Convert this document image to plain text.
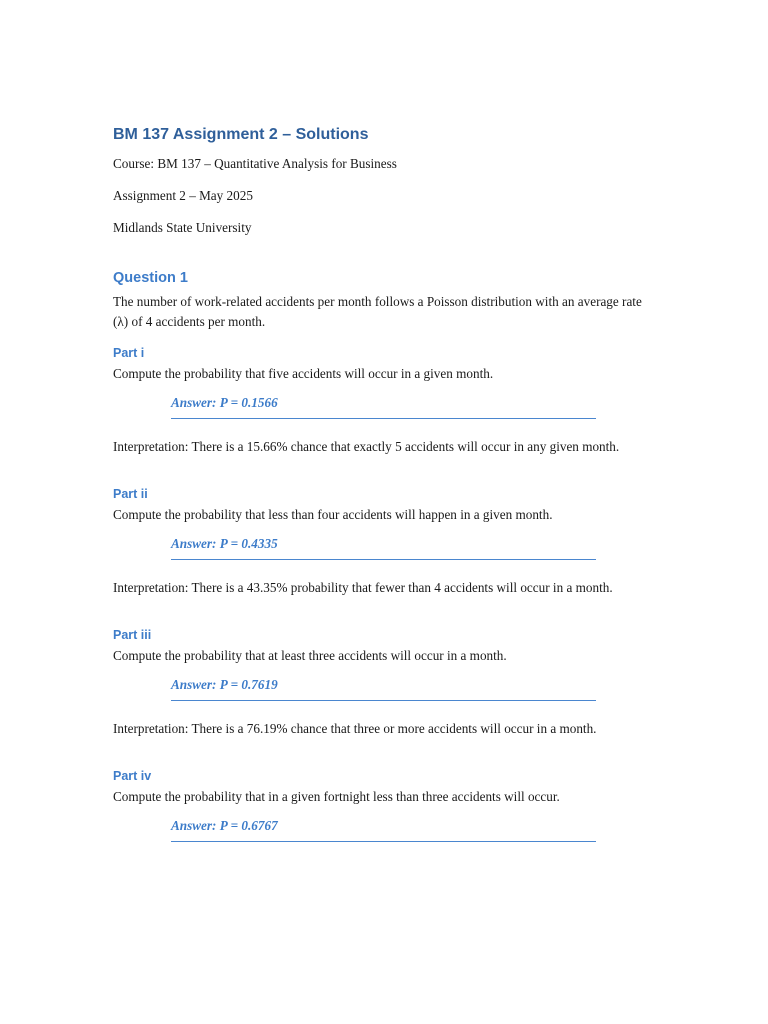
BM 137 Assignment 2 – Solutions

Course: BM 137 – Quantitative Analysis for Business

Assignment 2 – May 2025

Midlands State University

Question 1

The number of work-related accidents per month follows a Poisson distribution with an average rate (λ) of 4 accidents per month.

Part i

Compute the probability that five accidents will occur in a given month.

Answer: P = 0.1566

Interpretation: There is a 15.66% chance that exactly 5 accidents will occur in any given month.

Part ii

Compute the probability that less than four accidents will happen in a given month.

Answer: P = 0.4335

Interpretation: There is a 43.35% probability that fewer than 4 accidents will occur in a month.

Part iii

Compute the probability that at least three accidents will occur in a month.

Answer: P = 0.7619

Interpretation: There is a 76.19% chance that three or more accidents will occur in a month.

Part iv

Compute the probability that in a given fortnight less than three accidents will occur.

Answer: P = 0.6767
